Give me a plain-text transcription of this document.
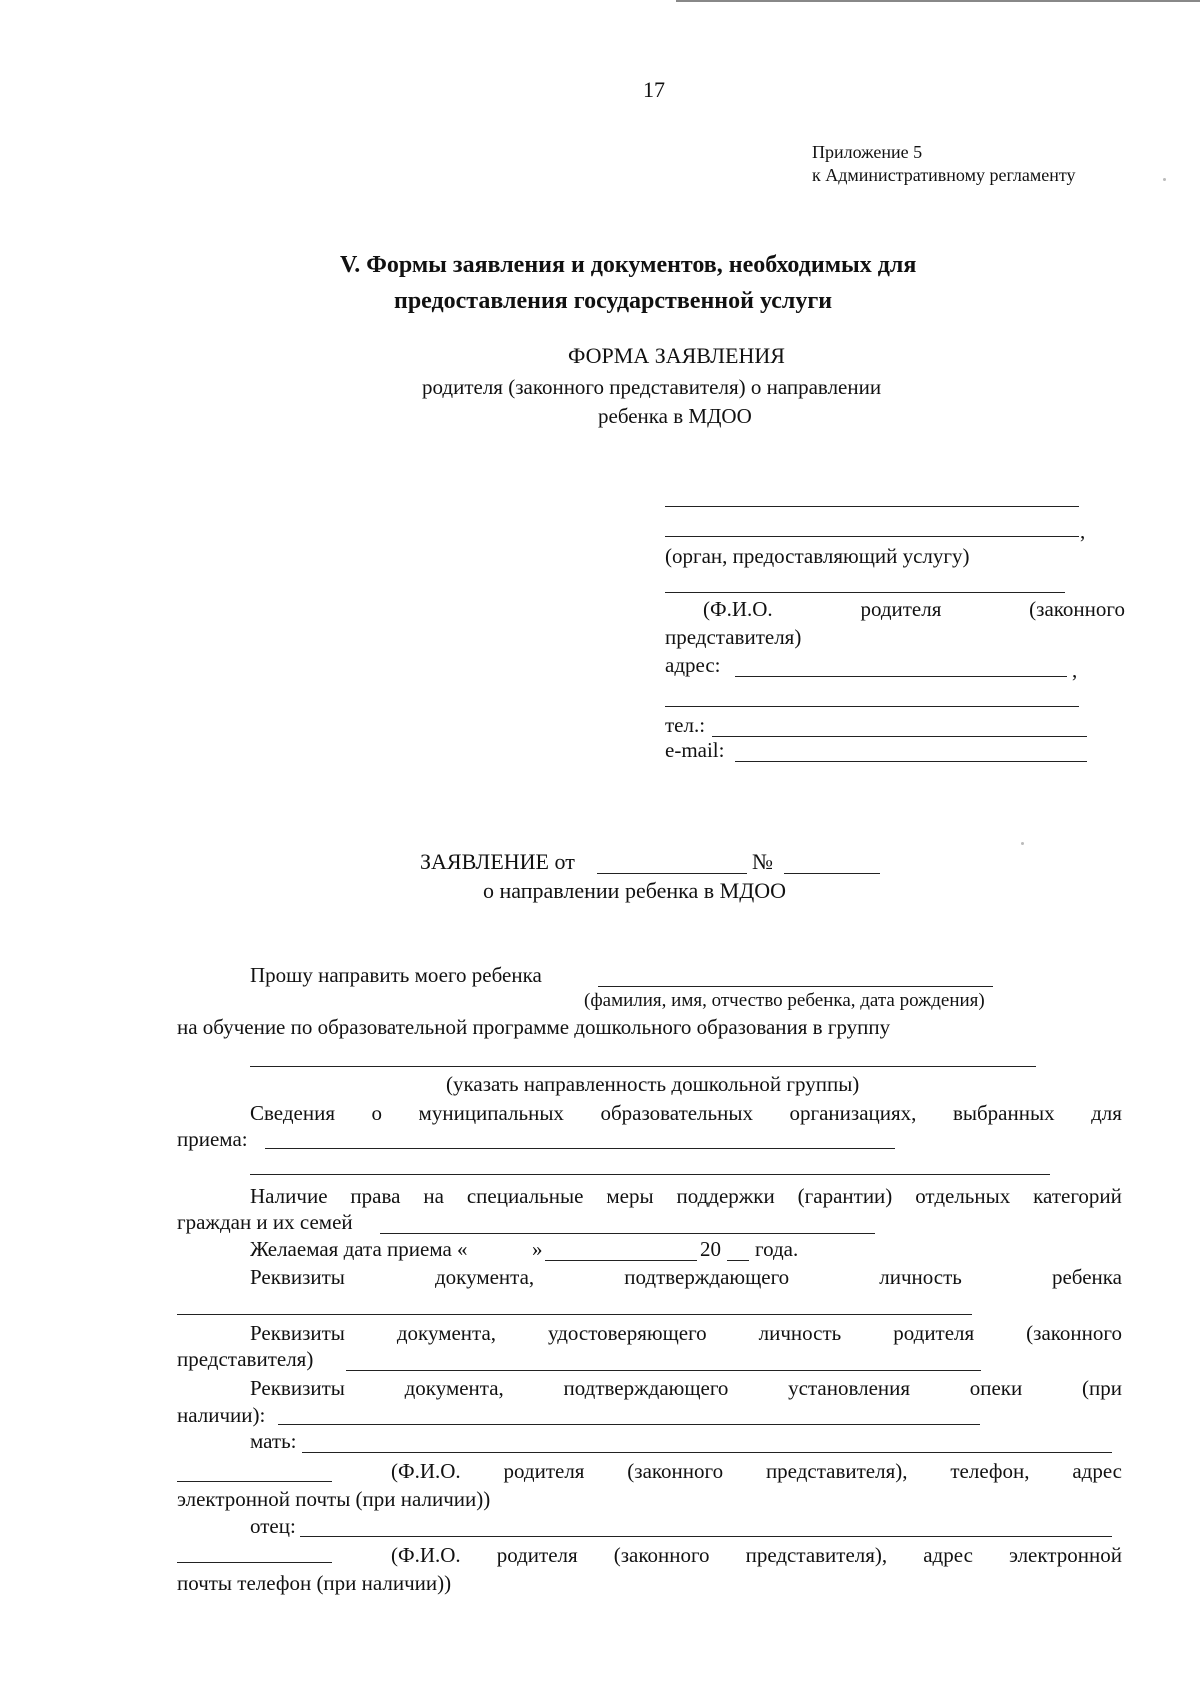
17
Приложение 5
к Административному регламенту
V. Формы заявления и документов, необходимых для
предоставления государственной услуги
ФОРМА ЗАЯВЛЕНИЯ
родителя (законного представителя) о направлении
ребенка в МДОО
,
(орган, предоставляющий услугу)
(Ф.И.О.	родителя	(законного
представителя)
адрес:	,
тел.:
e-mail:
ЗАЯВЛЕНИЕ от	№
о направлении ребенка в МДОО
Прошу направить моего ребенка
(фамилия, имя, отчество ребенка, дата рождения)
на обучение по образовательной программе дошкольного образования в группу
(указать направленность дошкольной группы)
Сведения о муниципальных образовательных организациях, выбранных для
приема:
Наличие права на специальные меры поддержки (гарантии) отдельных категорий
граждан и их семей
Желаемая дата приема «	»	20 года.
Реквизиты	документа,	подтверждающего	личность	ребенка
Реквизиты документа, удостоверяющего личность родителя (законного
представителя)
Реквизиты	документа,	подтверждающего	установления	опеки	(при
наличии):
мать:
(Ф.И.О. родителя (законного представителя), телефон, адрес
электронной почты (при наличии))
отец:
(Ф.И.О. родителя (законного представителя), адрес электронной
почты телефон (при наличии))
